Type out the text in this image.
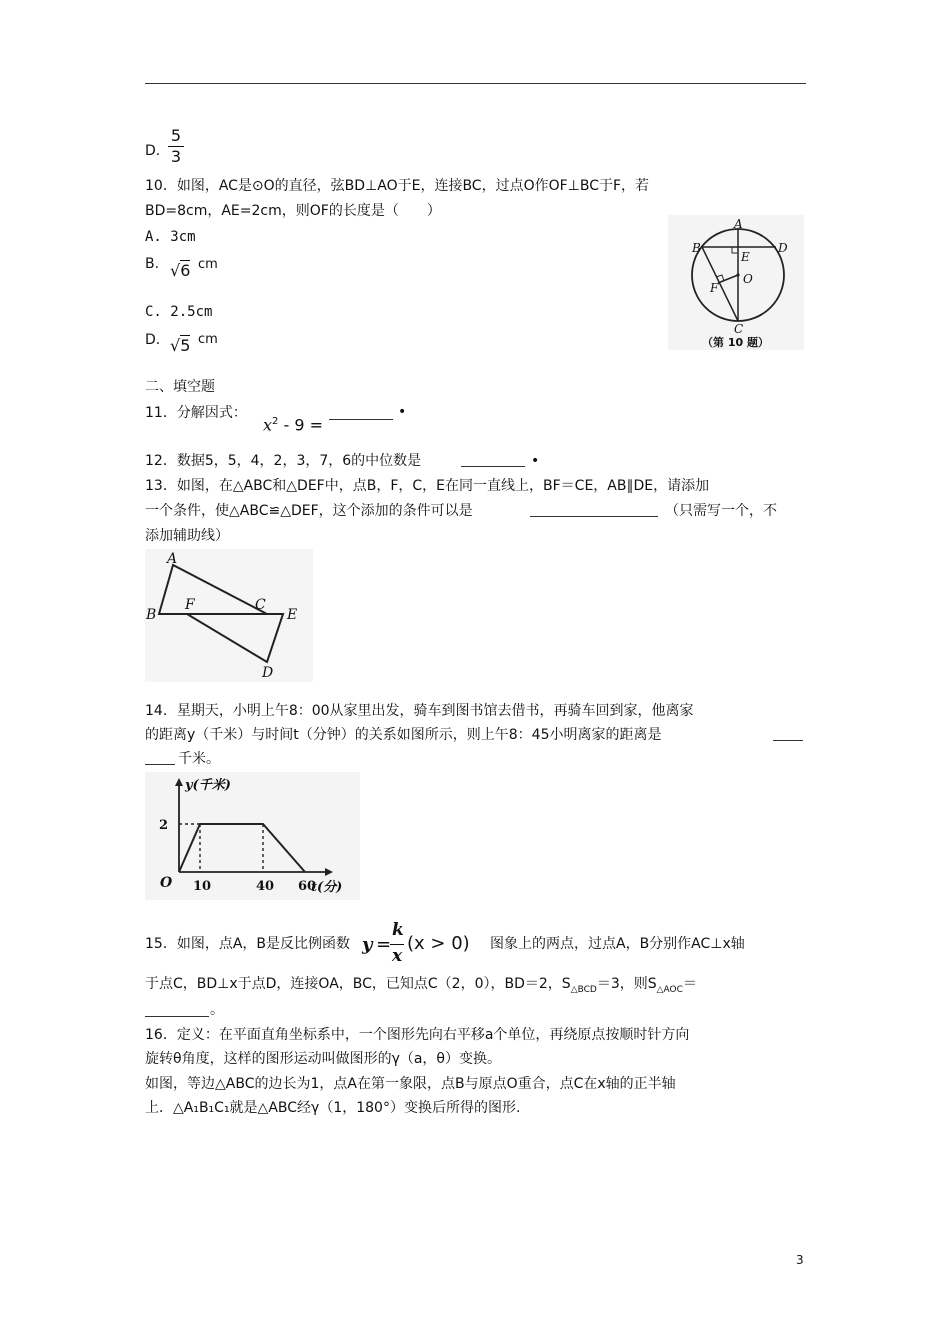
D.
5
3
10．如图，AC是⊙O的直径，弦BD⊥AO于E，连接BC，过点O作OF⊥BC于F，若
BD=8cm，AE=2cm，则OF的长度是（　　）
A. 3cm
B. √6 cm
C. 2.5cm
D. √5 cm
A
B	D
E
O
F
C
（第 10 题）
二、填空题
11．分解因式：
$x^2 - 9$ =
•
12．数据5，5，4，2，3，7，6的中位数是	•
13．如图，在△ABC和△DEF中，点B，F，C，E在同一直线上，BF＝CE，AB∥DE，请添加
一个条件，使△ABC≌△DEF，这个添加的条件可以是	（只需写一个，不
添加辅助线）
A
B
F	C
E
D
14．星期天，小明上午8：00从家里出发，骑车到图书馆去借书，再骑车回到家，他离家
的距离y（千米）与时间t（分钟）的关系如图所示，则上午8：45小明离家的距离是
千米。
y(千米)
t(分)
O 10	40 60
2
15．如图，点A，B是反比例函数 y =
k
x
(x > 0) 图象上的两点，过点A，B分别作AC⊥x轴
于点C，BD⊥x于点D，连接OA，BC，已知点C（2，0），BD＝2，$S_{\triangle BCD}=3$，则$S_{\triangle AOC}=$
。
16．定义：在平面直角坐标系中，一个图形先向右平移a个单位，再绕原点按顺时针方向
旋转θ角度，这样的图形运动叫做图形的γ（a，θ）变换。
如图，等边△ABC的边长为1，点A在第一象限，点B与原点O重合，点C在x轴的正半轴
上．△A₁B₁C₁就是△ABC经γ（1，180°）变换后所得的图形.
3
